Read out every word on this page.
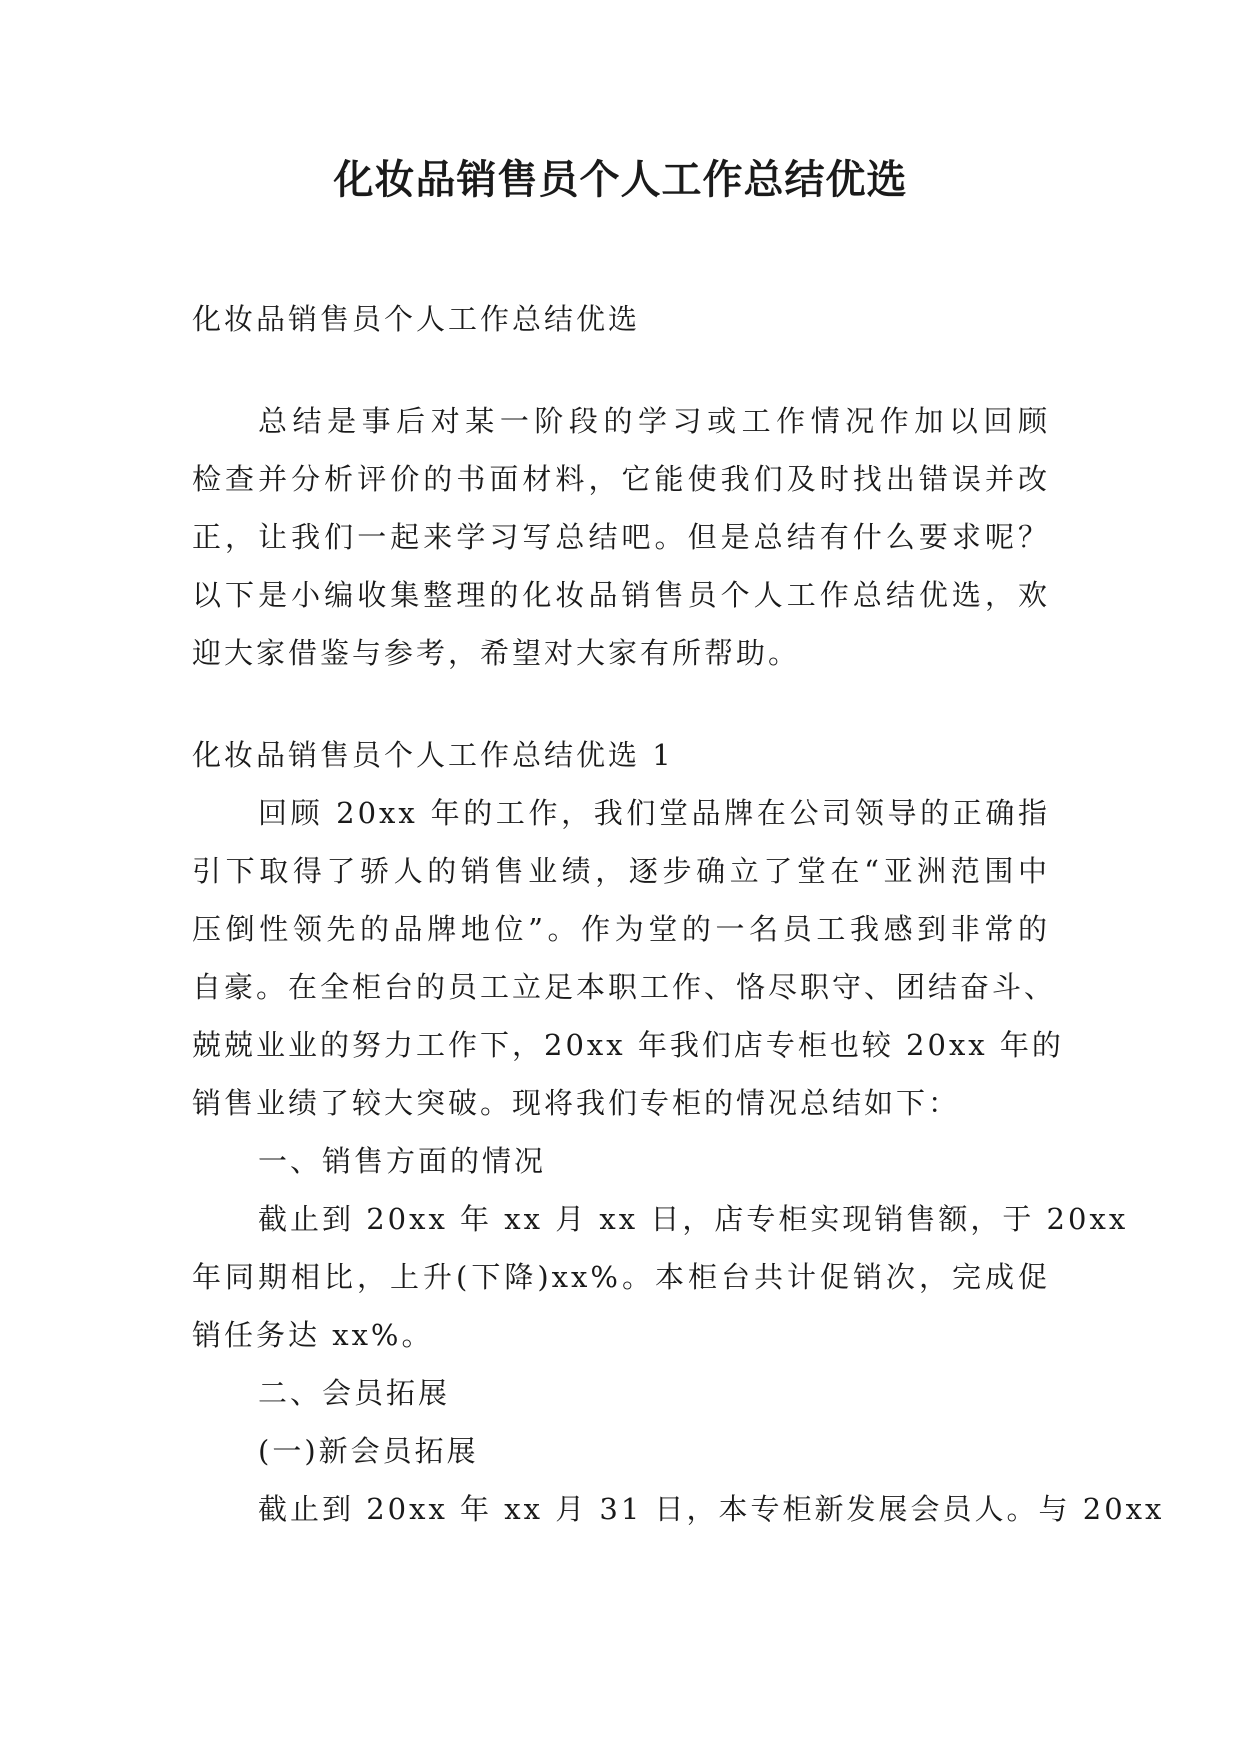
化妆品销售员个人工作总结优选

化妆品销售员个人工作总结优选

总结是事后对某一阶段的学习或工作情况作加以回顾

检查并分析评价的书面材料，它能使我们及时找出错误并改

正，让我们一起来学习写总结吧。但是总结有什么要求呢？

以下是小编收集整理的化妆品销售员个人工作总结优选，欢

迎大家借鉴与参考，希望对大家有所帮助。

化妆品销售员个人工作总结优选 1

回顾 20xx 年的工作，我们堂品牌在公司领导的正确指

引下取得了骄人的销售业绩，逐步确立了堂在“亚洲范围中

压倒性领先的品牌地位”。作为堂的一名员工我感到非常的

自豪。在全柜台的员工立足本职工作、恪尽职守、团结奋斗、

兢兢业业的努力工作下，20xx 年我们店专柜也较 20xx 年的

销售业绩了较大突破。现将我们专柜的情况总结如下：

一、销售方面的情况

截止到 20xx 年 xx 月 xx 日，店专柜实现销售额，于 20xx

年同期相比，上升(下降)xx%。本柜台共计促销次，完成促

销任务达 xx%。

二、会员拓展

(一)新会员拓展

截止到 20xx 年 xx 月 31 日，本专柜新发展会员人。与 20xx
